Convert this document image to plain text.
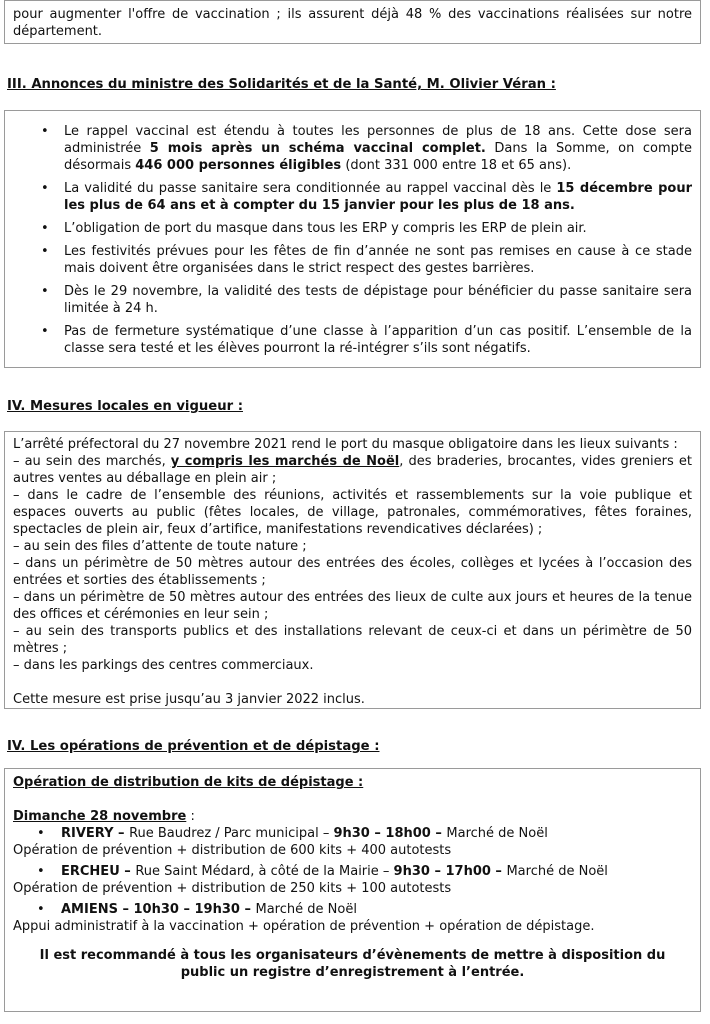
pour augmenter l'offre de vaccination ; ils assurent déjà 48 % des vaccinations réalisées sur notre département.
III. Annonces du ministre des Solidarités et de la Santé, M. Olivier Véran :
• Le rappel vaccinal est étendu à toutes les personnes de plus de 18 ans. Cette dose sera administrée 5 mois après un schéma vaccinal complet. Dans la Somme, on compte désormais 446 000 personnes éligibles (dont 331 000 entre 18 et 65 ans).
• La validité du passe sanitaire sera conditionnée au rappel vaccinal dès le 15 décembre pour les plus de 64 ans et à compter du 15 janvier pour les plus de 18 ans.
• L’obligation de port du masque dans tous les ERP y compris les ERP de plein air.
• Les festivités prévues pour les fêtes de fin d’année ne sont pas remises en cause à ce stade mais doivent être organisées dans le strict respect des gestes barrières.
• Dès le 29 novembre, la validité des tests de dépistage pour bénéficier du passe sanitaire sera limitée à 24 h.
• Pas de fermeture systématique d’une classe à l’apparition d’un cas positif. L’ensemble de la classe sera testé et les élèves pourront la ré-intégrer s’ils sont négatifs.
IV. Mesures locales en vigueur :
L’arrêté préfectoral du 27 novembre 2021 rend le port du masque obligatoire dans les lieux suivants :
– au sein des marchés, y compris les marchés de Noël, des braderies, brocantes, vides greniers et autres ventes au déballage en plein air ;
– dans le cadre de l’ensemble des réunions, activités et rassemblements sur la voie publique et espaces ouverts au public (fêtes locales, de village, patronales, commémoratives, fêtes foraines, spectacles de plein air, feux d’artifice, manifestations revendicatives déclarées) ;
– au sein des files d’attente de toute nature ;
– dans un périmètre de 50 mètres autour des entrées des écoles, collèges et lycées à l’occasion des entrées et sorties des établissements ;
– dans un périmètre de 50 mètres autour des entrées des lieux de culte aux jours et heures de la tenue des offices et cérémonies en leur sein ;
– au sein des transports publics et des installations relevant de ceux-ci et dans un périmètre de 50 mètres ;
– dans les parkings des centres commerciaux.
Cette mesure est prise jusqu’au 3 janvier 2022 inclus.
IV. Les opérations de prévention et de dépistage :
Opération de distribution de kits de dépistage :
Dimanche 28 novembre :
• RIVERY – Rue Baudrez / Parc municipal – 9h30 – 18h00 – Marché de Noël
Opération de prévention + distribution de 600 kits + 400 autotests
• ERCHEU – Rue Saint Médard, à côté de la Mairie – 9h30 – 17h00 – Marché de Noël
Opération de prévention + distribution de 250 kits + 100 autotests
• AMIENS – 10h30 – 19h30 – Marché de Noël
Appui administratif à la vaccination + opération de prévention + opération de dépistage.
Il est recommandé à tous les organisateurs d’évènements de mettre à disposition du public un registre d’enregistrement à l’entrée.
